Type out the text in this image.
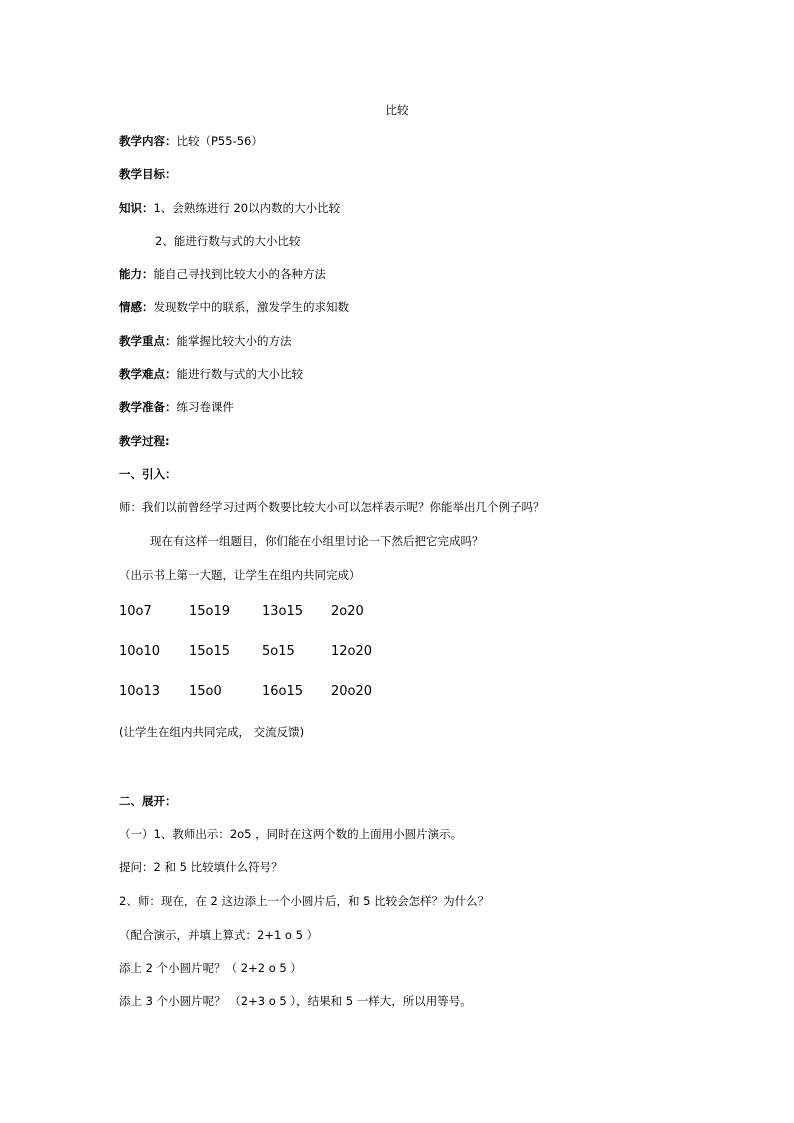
比较
教学内容：比较（P55-56）
教学目标：
知识：1、会熟练进行 20以内数的大小比较
2、能进行数与式的大小比较
能力：能自己寻找到比较大小的各种方法
情感：发现数学中的联系，激发学生的求知数
教学重点：能掌握比较大小的方法
教学难点：能进行数与式的大小比较
教学准备：练习卷课件
教学过程:
一、引入：
师：我们以前曾经学习过两个数要比较大小可以怎样表示呢？你能举出几个例子吗？
现在有这样一组题目，你们能在小组里讨论一下然后把它完成吗？
（出示书上第一大题，让学生在组内共同完成）
10o7	15o19 13o15 2o20
10o10 15o15 5o15	12o20
10o13 15o0	16o15 20o20
(让学生在组内共同完成， 交流反馈)
二、展开：
（一）1、教师出示：2o5 ，同时在这两个数的上面用小圆片演示。
提问：2 和 5 比较填什么符号？
2、师：现在，在 2 这边添上一个小圆片后，和 5 比较会怎样？为什么？
（配合演示，并填上算式：2+1 ο 5 ）
添上 2 个小圆片呢？（ 2+2 ο 5 ）
添上 3 个小圆片呢？ （2+3 ο 5 ），结果和 5 一样大，所以用等号。
